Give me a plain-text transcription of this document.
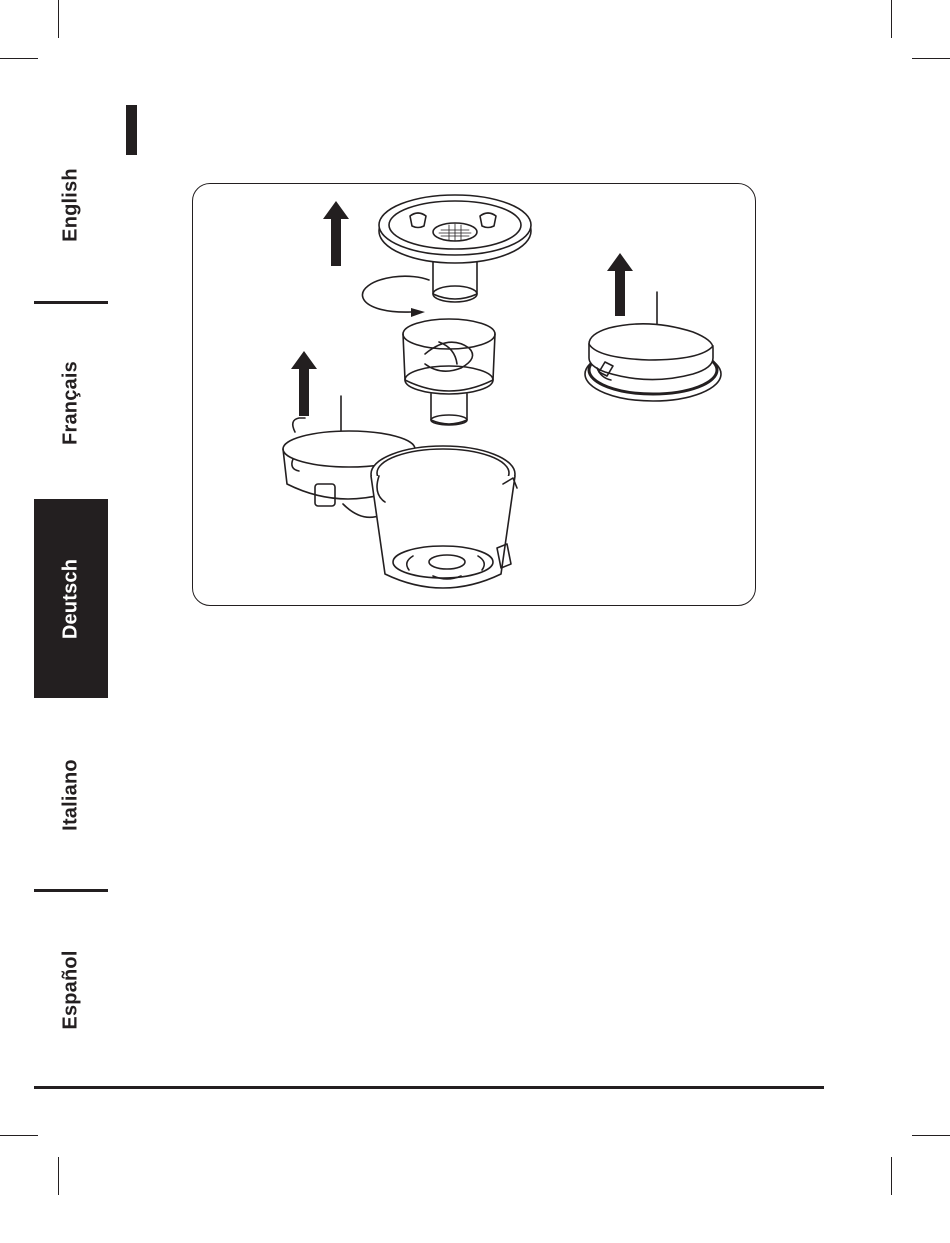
English
Français
Deutsch
Italiano
Español
